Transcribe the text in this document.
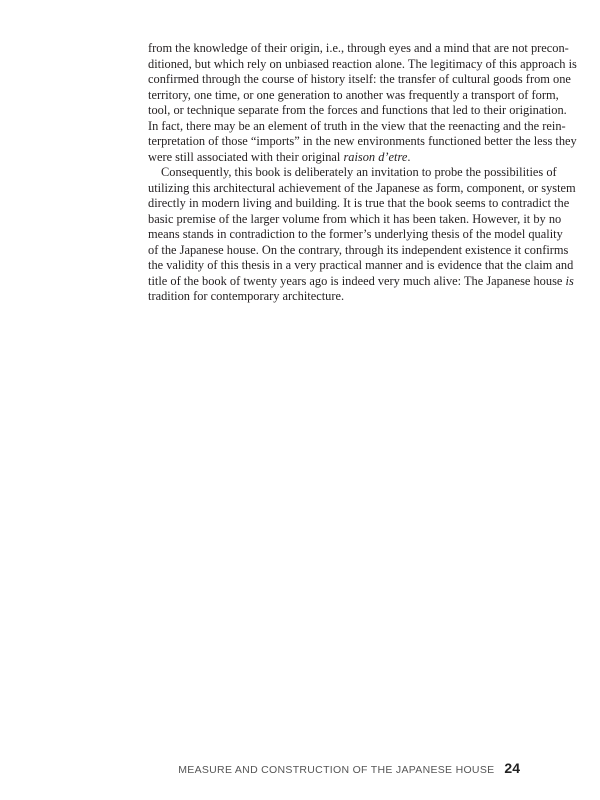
from the knowledge of their origin, i.e., through eyes and a mind that are not precon-
ditioned, but which rely on unbiased reaction alone. The legitimacy of this approach is
confirmed through the course of history itself: the transfer of cultural goods from one
territory, one time, or one generation to another was frequently a transport of form,
tool, or technique separate from the forces and functions that led to their origination.
In fact, there may be an element of truth in the view that the reenacting and the rein-
terpretation of those “imports” in the new environments functioned better the less they
were still associated with their original raison d’etre.
Consequently, this book is deliberately an invitation to probe the possibilities of
utilizing this architectural achievement of the Japanese as form, component, or system
directly in modern living and building. It is true that the book seems to contradict the
basic premise of the larger volume from which it has been taken. However, it by no
means stands in contradiction to the former’s underlying thesis of the model quality
of the Japanese house. On the contrary, through its independent existence it confirms
the validity of this thesis in a very practical manner and is evidence that the claim and
title of the book of twenty years ago is indeed very much alive: The Japanese house is
tradition for contemporary architecture.
MEASURE AND CONSTRUCTION OF THE JAPANESE HOUSE 24
